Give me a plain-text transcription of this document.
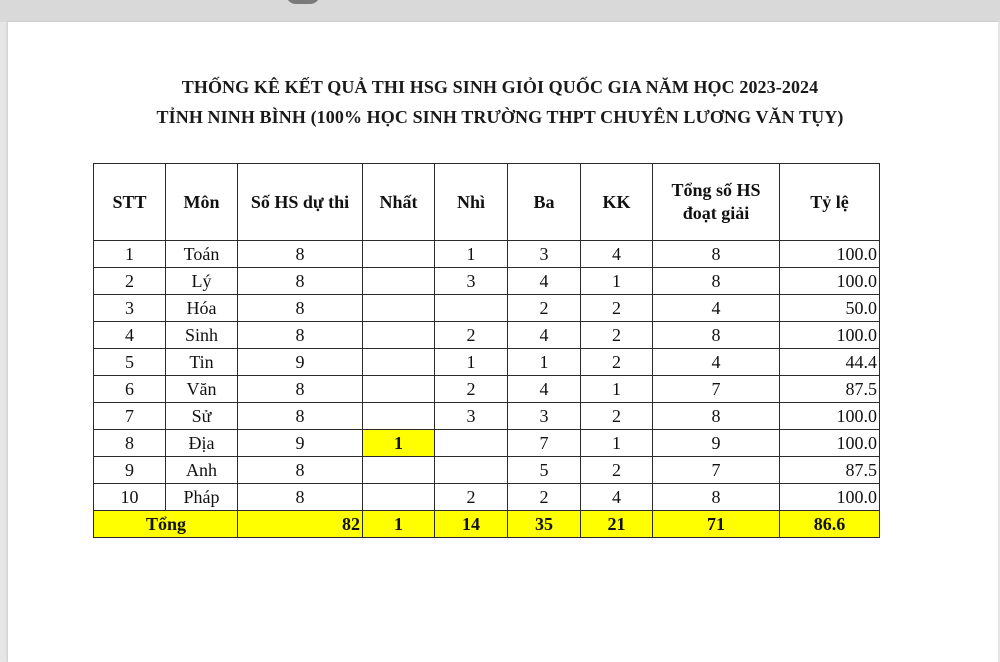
THỐNG KÊ KẾT QUẢ THI HSG SINH GIỎI QUỐC GIA NĂM HỌC 2023-2024
TỈNH NINH BÌNH (100% HỌC SINH TRƯỜNG THPT CHUYÊN LƯƠNG VĂN TỤY)
STT	Môn	Số HS dự thi	Nhất	Nhì	Ba	KK	Tổng số HS đoạt giải	Tỷ lệ
1	Toán	8		1	3	4	8	100.0
2	Lý	8		3	4	1	8	100.0
3	Hóa	8			2	2	4	50.0
4	Sinh	8		2	4	2	8	100.0
5	Tin	9		1	1	2	4	44.4
6	Văn	8		2	4	1	7	87.5
7	Sử	8		3	3	2	8	100.0
8	Địa	9	1		7	1	9	100.0
9	Anh	8			5	2	7	87.5
10	Pháp	8		2	2	4	8	100.0
Tổng		82	1	14	35	21	71	86.6
